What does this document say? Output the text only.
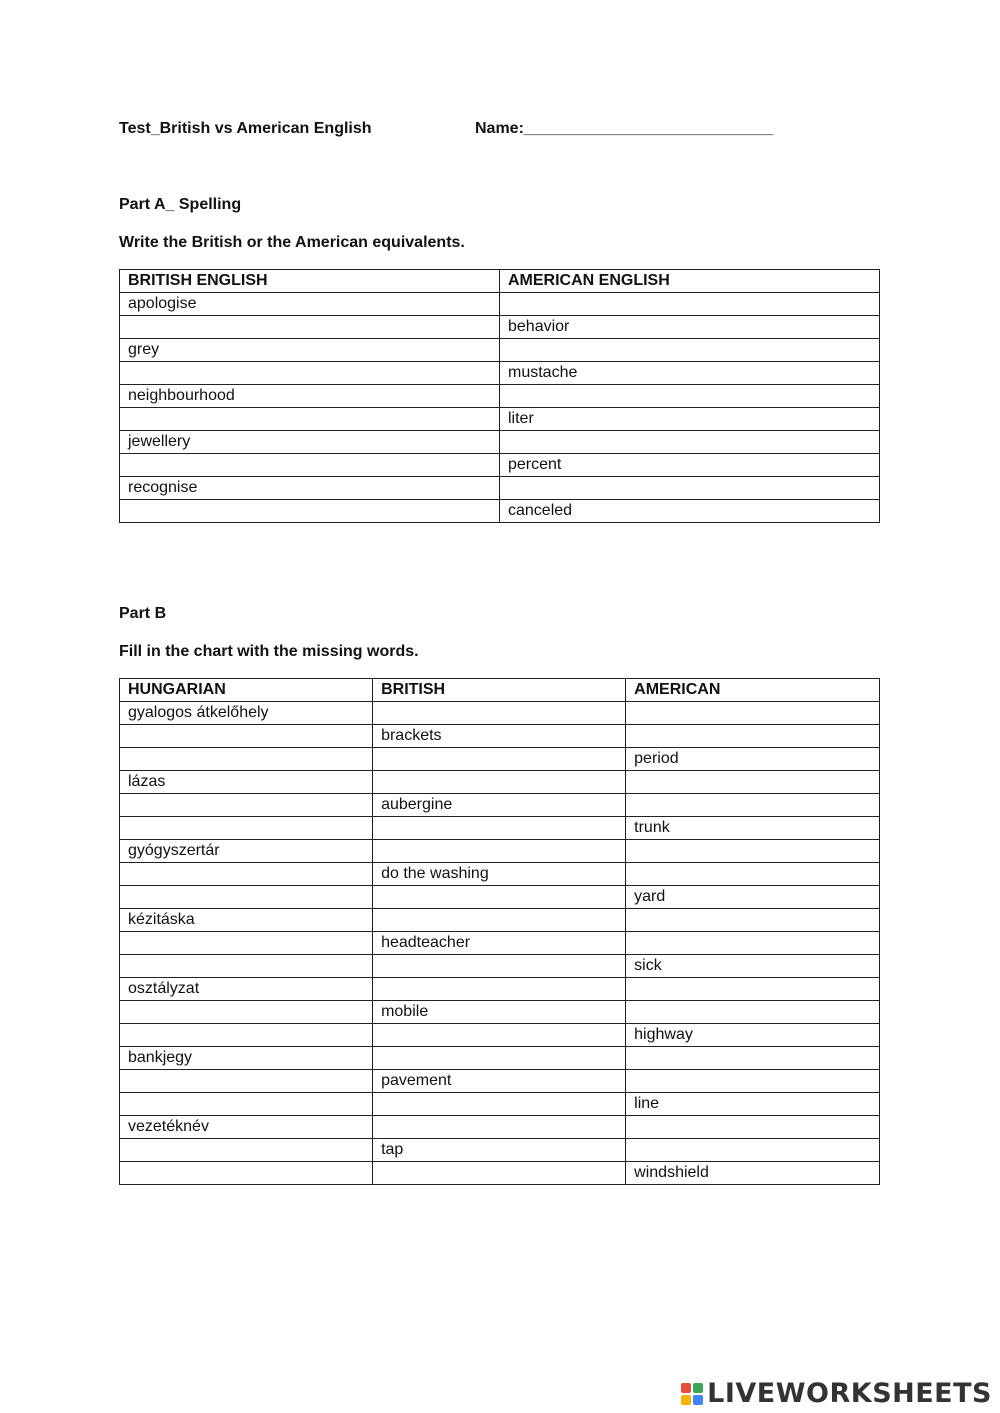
Test_British vs American English	Name:____________________________
Part A_ Spelling
Write the British or the American equivalents.
BRITISH ENGLISH	AMERICAN ENGLISH
apologise	
	behavior
grey	
	mustache
neighbourhood	
	liter
jewellery	
	percent
recognise	
	canceled
Part B
Fill in the chart with the missing words.
HUNGARIAN	BRITISH	AMERICAN
gyalogos átkelőhely		
	brackets	
		period
lázas		
	aubergine	
		trunk
gyógyszertár		
	do the washing	
		yard
kézitáska		
	headteacher	
		sick
osztályzat		
	mobile	
		highway
bankjegy		
	pavement	
		line
vezetéknév		
	tap	
		windshield
LIVEWORKSHEETS
